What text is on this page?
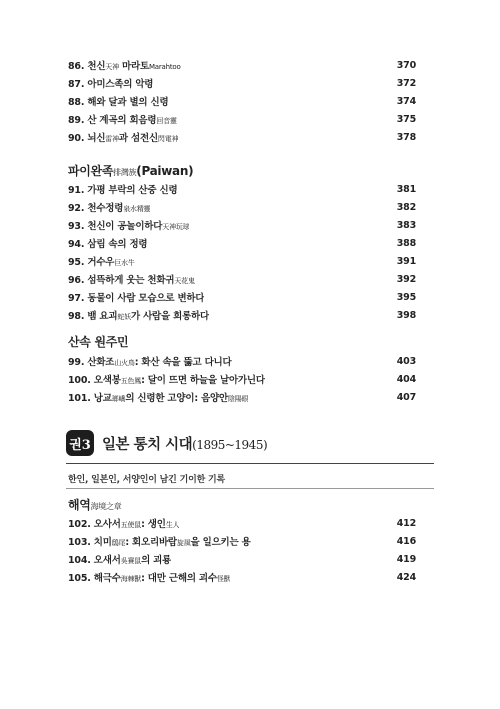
86. 천신天神 마라토Marahtoo	370
87. 아미스족의 악령	372
88. 해와 달과 별의 신령	374
89. 산 계곡의 회음령回音靈	375
90. 뇌신雷神과 섬전신閃電神	378
파이완족排灣族(Paiwan)
91. 가평 부락의 산중 신령	381
92. 천수정령泉水精靈	382
93. 천신이 공놀이하다天神玩球	383
94. 삼림 속의 정령	388
95. 거수우巨水牛	391
96. 섬뜩하게 웃는 천화귀天花鬼	392
97. 동물이 사람 모습으로 변하다	395
98. 뱀 요괴蛇妖가 사람을 희롱하다	398
산속 원주민
99. 산화조山火鳥: 화산 속을 뚫고 다니다	403
100. 오색봉五色鳳: 달이 뜨면 하늘을 날아가닌다	404
101. 낭교瑯嶠의 신령한 고양이: 음양안陰陽眼	407
권3 일본 통치 시대(1895~1945)
한인, 일본인, 서양인이 남긴 기이한 기록
해역海境之章
102. 오사서五使鼠: 생인生人	412
103. 치미鴟尾: 회오리바람旋風을 일으키는 용	416
104. 오새서吳賽鼠의 괴룡	419
105. 해극수海棘獸: 대만 근해의 괴수怪獸	424
